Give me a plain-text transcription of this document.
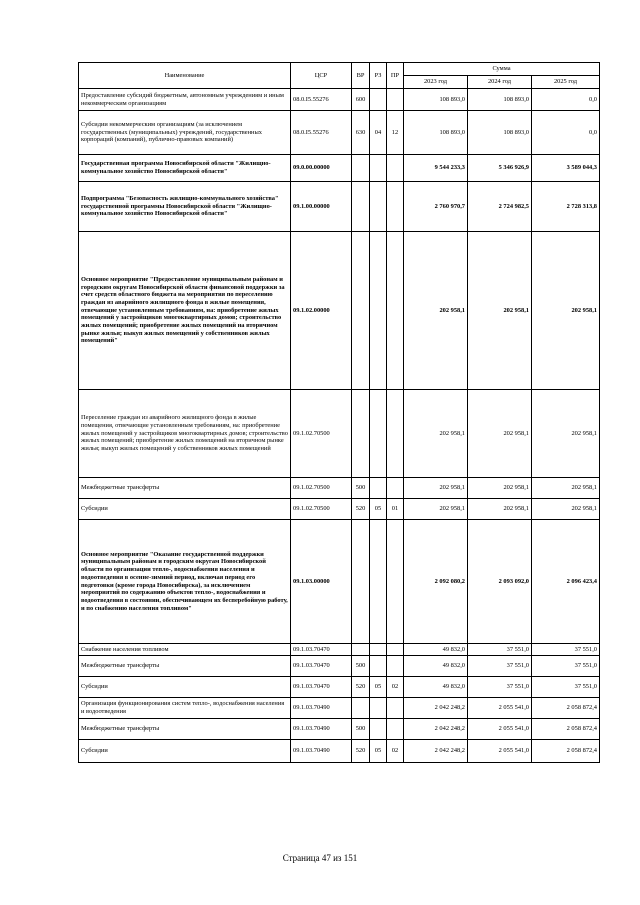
Наименование	ЦСР	ВР	РЗ	ПР	Сумма		
					2023 год	2024 год	2025 год
Предоставление субсидий бюджетным, автономным учреждениям и иным некоммерческим организациям	08.0.I5.55276	600			108 893,0	108 893,0	0,0
Субсидии некоммерческим организациям (за исключением государственных (муниципальных) учреждений, государственных корпораций (компаний), публично-правовых компаний)	08.0.I5.55276	630	04	12	108 893,0	108 893,0	0,0
Государственная программа Новосибирской области "Жилищно-коммунальное хозяйство Новосибирской области"	09.0.00.00000				9 544 233,3	5 346 926,9	3 589 044,3
Подпрограмма "Безопасность жилищно-коммунального хозяйства" государственной программы Новосибирской области "Жилищно-коммунальное хозяйство Новосибирской области"	09.1.00.00000				2 760 970,7	2 724 982,5	2 728 313,8
Основное мероприятие "Предоставление муниципальным районам и городским округам Новосибирской области финансовой поддержки за счет средств областного бюджета на мероприятия по переселению граждан из аварийного жилищного фонда в жилые помещения, отвечающие установленным требованиям, на: приобретение жилых помещений у застройщиков многоквартирных домов; строительство жилых помещений; приобретение жилых помещений на вторичном рынке жилья; выкуп жилых помещений у собственников жилых помещений"	09.1.02.00000				202 958,1	202 958,1	202 958,1
Переселение граждан из аварийного жилищного фонда в жилые помещения, отвечающие установленным требованиям, на: приобретение жилых помещений у застройщиков многоквартирных домов; строительство жилых помещений; приобретение жилых помещений на вторичном рынке жилья; выкуп жилых помещений у собственников жилых помещений	09.1.02.70500				202 958,1	202 958,1	202 958,1
Межбюджетные трансферты	09.1.02.70500	500			202 958,1	202 958,1	202 958,1
Субсидии	09.1.02.70500	520	05	01	202 958,1	202 958,1	202 958,1
Основное мероприятие "Оказание государственной поддержки муниципальным районам и городским округам Новосибирской области по организации тепло-, водоснабжения населения и водоотведения в осенне-зимний период, включая период его подготовки (кроме города Новосибирска), за исключением мероприятий по содержанию объектов тепло-, водоснабжения и водоотведения в состоянии, обеспечивающем их бесперебойную работу, и по снабжению населения топливом"	09.1.03.00000				2 092 080,2	2 093 092,0	2 096 423,4
Снабжение населения топливом	09.1.03.70470				49 832,0	37 551,0	37 551,0
Межбюджетные трансферты	09.1.03.70470	500			49 832,0	37 551,0	37 551,0
Субсидии	09.1.03.70470	520	05	02	49 832,0	37 551,0	37 551,0
Организация функционирования систем тепло-, водоснабжения населения и водоотведения	09.1.03.70490				2 042 248,2	2 055 541,0	2 058 872,4
Межбюджетные трансферты	09.1.03.70490	500			2 042 248,2	2 055 541,0	2 058 872,4
Субсидии	09.1.03.70490	520	05	02	2 042 248,2	2 055 541,0	2 058 872,4
Страница 47 из 151
